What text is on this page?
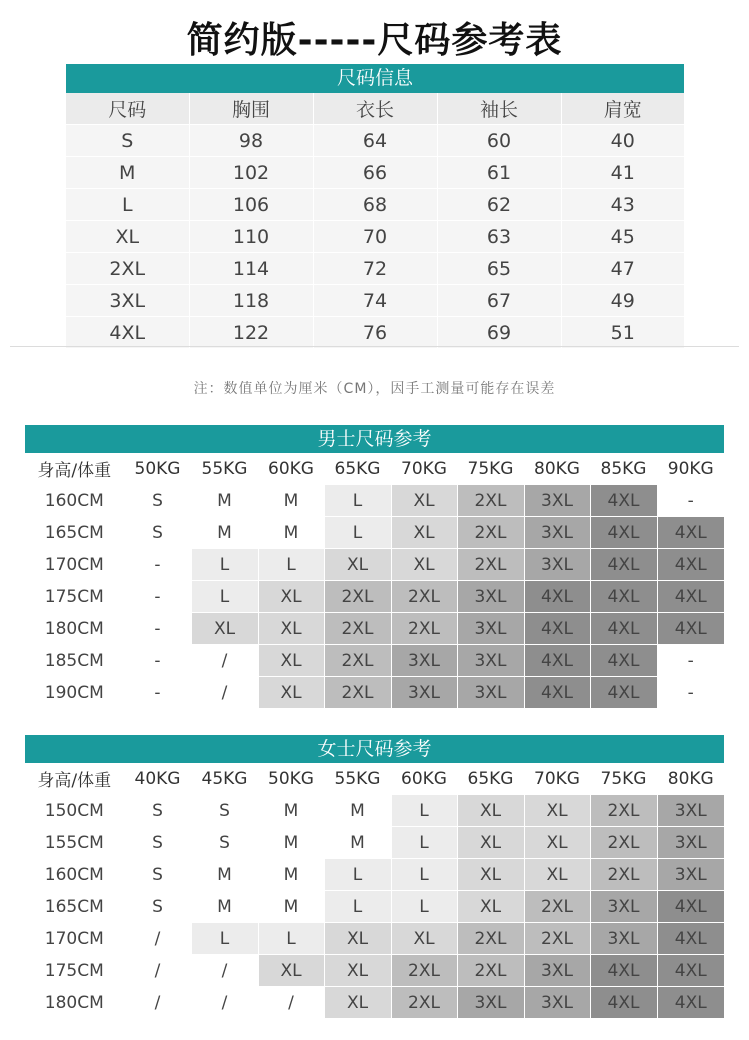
简约版-----尺码参考表
尺码信息
尺码	胸围	衣长	袖长	肩宽
S	98	64	60	40
M	102	66	61	41
L	106	68	62	43
XL	110	70	63	45
2XL	114	72	65	47
3XL	118	74	67	49
4XL	122	76	69	51
注：数值单位为厘米（CM），因手工测量可能存在误差
男士尺码参考
身高/体重	50KG	55KG	60KG	65KG	70KG	75KG	80KG	85KG	90KG
160CM	S	M	M	L	XL	2XL	3XL	4XL	-
165CM	S	M	M	L	XL	2XL	3XL	4XL	4XL
170CM	-	L	L	XL	XL	2XL	3XL	4XL	4XL
175CM	-	L	XL	2XL	2XL	3XL	4XL	4XL	4XL
180CM	-	XL	XL	2XL	2XL	3XL	4XL	4XL	4XL
185CM	-	/	XL	2XL	3XL	3XL	4XL	4XL	-
190CM	-	/	XL	2XL	3XL	3XL	4XL	4XL	-
女士尺码参考
身高/体重	40KG	45KG	50KG	55KG	60KG	65KG	70KG	75KG	80KG
150CM	S	S	M	M	L	XL	XL	2XL	3XL
155CM	S	S	M	M	L	XL	XL	2XL	3XL
160CM	S	M	M	L	L	XL	XL	2XL	3XL
165CM	S	M	M	L	L	XL	2XL	3XL	4XL
170CM	/	L	L	XL	XL	2XL	2XL	3XL	4XL
175CM	/	/	XL	XL	2XL	2XL	3XL	4XL	4XL
180CM	/	/	/	XL	2XL	3XL	3XL	4XL	4XL
